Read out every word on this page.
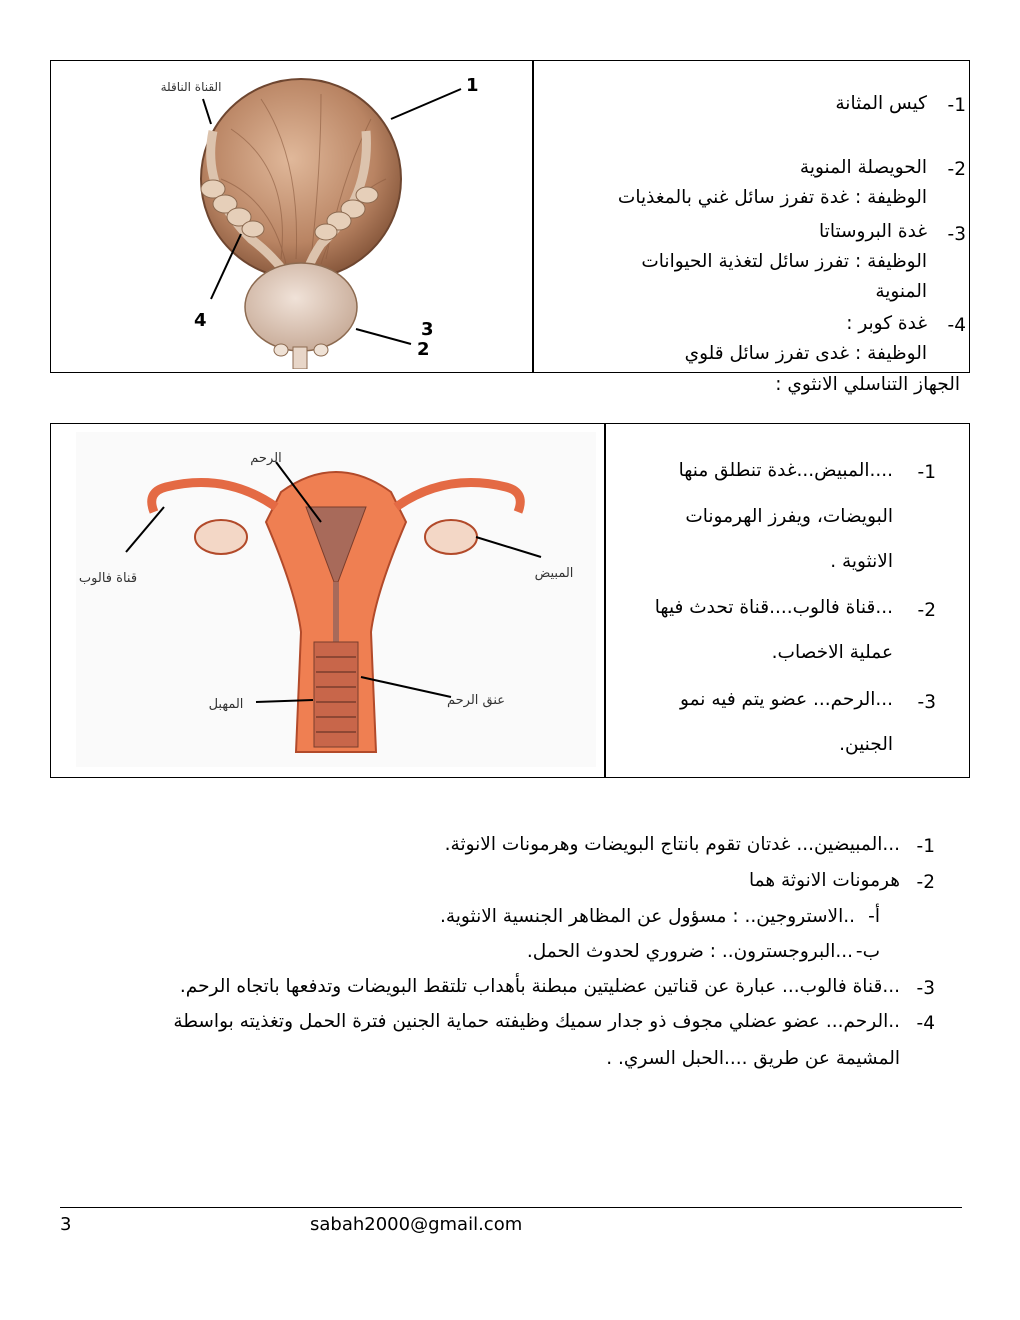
القناة الناقلة	1
4
2
3
-1
كيس المثانة
-2
الحويصلة المنوية
الوظيفة : غدة تفرز سائل غني بالمغذيات
-3
غدة البروستاتا
الوظيفة : تفرز سائل لتغذية الحيوانات
المنوية
-4
غدة كوبر :
الوظيفة : غدى تفرز سائل قلوي
الجهاز التناسلي الانثوي :
الرحم
قناة فالوب	المبيض
المهبل	عنق الرحم
-1
....المبيض...غدة تنطلق منها
البويضات، ويفرز الهرمونات
الانثوية .
-2
...قناة فالوب....قناة تحدث فيها
عملية الاخصاب.
-3
...الرحم... عضو يتم فيه نمو
الجنين.
-1
...المبيضين... غدتان تقوم بانتاج البويضات وهرمونات الانوثة.
-2
هرمونات الانوثة هما
أ-
..الاستروجين.. : مسؤول عن المظاهر الجنسية الانثوية.
ب-
...البروجسترون.. : ضروري لحدوث الحمل.
-3
...قناة فالوب... عبارة عن قناتين عضليتين مبطنة بأهداب تلتقط البويضات وتدفعها باتجاه الرحم.
-4
..الرحم... عضو عضلي مجوف ذو جدار سميك وظيفته حماية الجنين فترة الحمل وتغذيته بواسطة
المشيمة عن طريق ....الحبل السري. .
3	sabah2000@gmail.com
